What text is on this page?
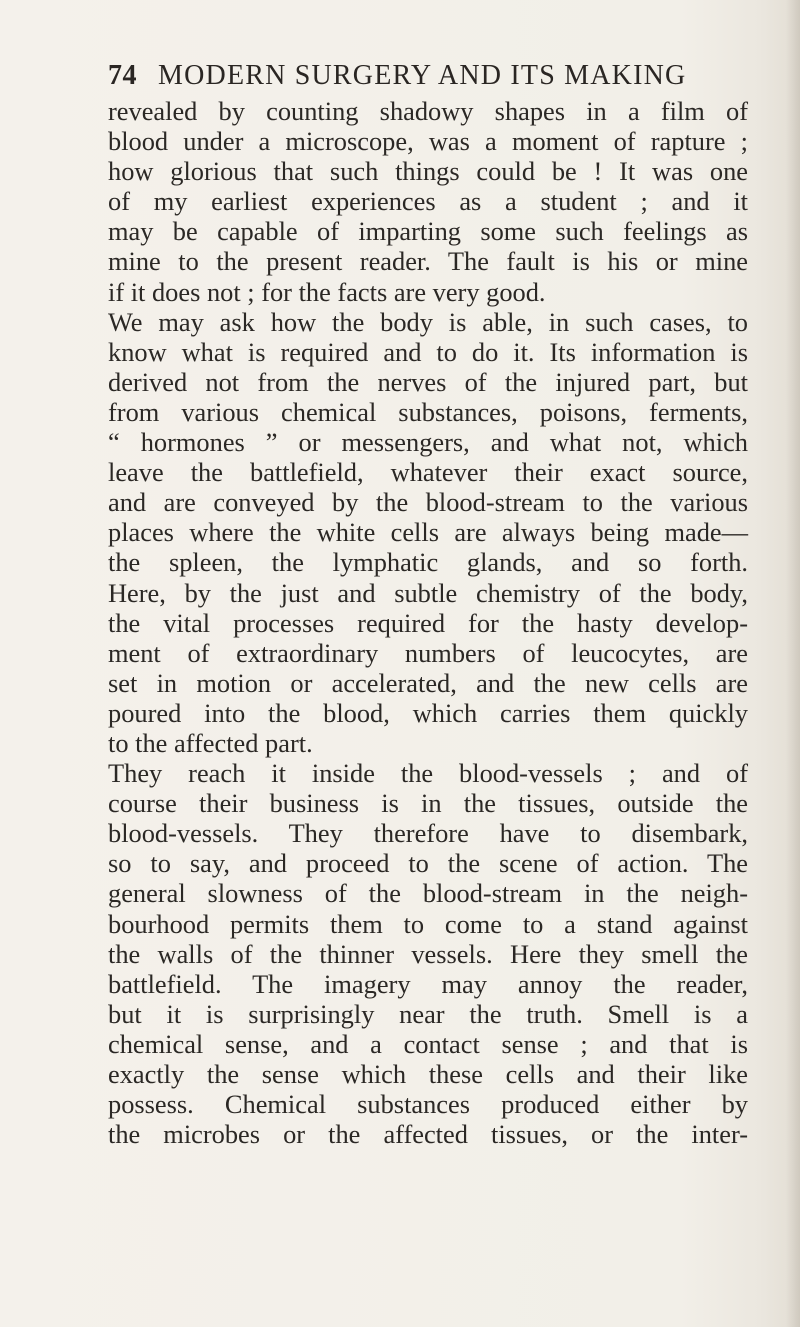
74 MODERN SURGERY AND ITS MAKING
revealed by counting shadowy shapes in a film of
blood under a microscope, was a moment of rapture ;
how glorious that such things could be ! It was one
of my earliest experiences as a student ; and it
may be capable of imparting some such feelings as
mine to the present reader. The fault is his or mine
if it does not ; for the facts are very good.
We may ask how the body is able, in such cases, to
know what is required and to do it. Its information is
derived not from the nerves of the injured part, but
from various chemical substances, poisons, ferments,
“ hormones ” or messengers, and what not, which
leave the battlefield, whatever their exact source,
and are conveyed by the blood-stream to the various
places where the white cells are always being made—
the spleen, the lymphatic glands, and so forth.
Here, by the just and subtle chemistry of the body,
the vital processes required for the hasty develop-
ment of extraordinary numbers of leucocytes, are
set in motion or accelerated, and the new cells are
poured into the blood, which carries them quickly
to the affected part.
They reach it inside the blood-vessels ; and of
course their business is in the tissues, outside the
blood-vessels. They therefore have to disembark,
so to say, and proceed to the scene of action. The
general slowness of the blood-stream in the neigh-
bourhood permits them to come to a stand against
the walls of the thinner vessels. Here they smell the
battlefield. The imagery may annoy the reader,
but it is surprisingly near the truth. Smell is a
chemical sense, and a contact sense ; and that is
exactly the sense which these cells and their like
possess. Chemical substances produced either by
the microbes or the affected tissues, or the inter-
